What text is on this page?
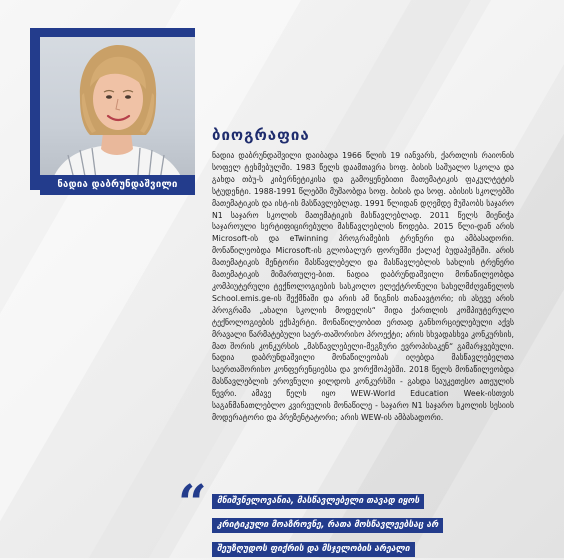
ნადია დაბრუნდაშვილი
ბიოგრაფია

ნადია დაბრუნდაშვილი დაიბადა 1966 წლის 19 იანვარს, ქართლის რაიონის სოფელ ტეხმებულში. 1983 წელს დაამთავრა სოფ. ბისის საშუალო სკოლა და გახდა თბუ-ს კიბერნეტიკისა და გამოყენებითი მათემატიკის ფაკულტეტის სტუდენტი. 1988-1991 წლებში მუშაობდა სოფ. ბისის და სოფ. აბისის სკოლებში მათემატიკის და ისტ-ის მასწავლებლად. 1991 წლიდან დღემდე მუშაობს საჯარო N1 საჯარო სკოლის მათემატიკის მასწავლებლად. 2011 წელს მიენიჭა საჯაროული სერტიფიცირებული მასწავლებლის წოდება. 2015 წლი-დან არის Microsoft-ის და eTwinning პროგრამების ტრენერი და ამბასადორი. მონაწილეობდა Microsoft-ის გლობალურ ფორუმში ქალაქ ბუდაპეშტში. არის მათემატიკის მენტორი მასწავლებელი და მასწავლებლის სახლის ტრენერი მათემატიკის მიმართულე-ბით. ნადია დაბრუნდაშვილი მონაწილეობდა კომპიუტერული ტექნოლოგიების სასკოლო ელექტრონული სახელმძღვანელოს School.emis.ge-ის შექმნაში და არის ამ წიგნის თანაავტორი; ის ასევე არის პროგრამა „ახალი სკოლის მოდელის“ შიდა ქართლის კომპიუტერული ტექნოლოგიების ექსპერტი. მონაწილეობით ერთად განხორციელებული აქვს მრავალი წარმატებული საერ-თაშორისო პროექტი; არის სხვადასხვა კონკურსის, მათ შორის კონკურსის „მასწავლებელი-მეგზური ევროპისაკენ“ გამარჯვებული. ნადია დაბრუნდაშვილი მონაწილეობას იღებდა მასწავლებელთა საერთაშორისო კონფერენციებსა და ვორქშოპებში. 2018 წელს მონაწილეობდა მასწავლებლის ეროვნული ჯილდოს კონკურსში - გახდა საუკეთესო ათეულის წევრი. ამავე წელს იყო WEW-World Education Week-ისთვის საგანმანათლებლო კვირეულის მონაწილე - საჯარო N1 საჯარო სკოლის სესიის მოდერატორი და პრეზენტატორი; არის WEW-ის ამბასადორი.

“	მნიშვნელოვანია, მასწავლებელი თავად იყოს
კრიტიკული მოაზროვნე, რათა მოსწავლეებსაც არ
შეუზღუდოს ფიქრის და მსჯელობის არეალი
